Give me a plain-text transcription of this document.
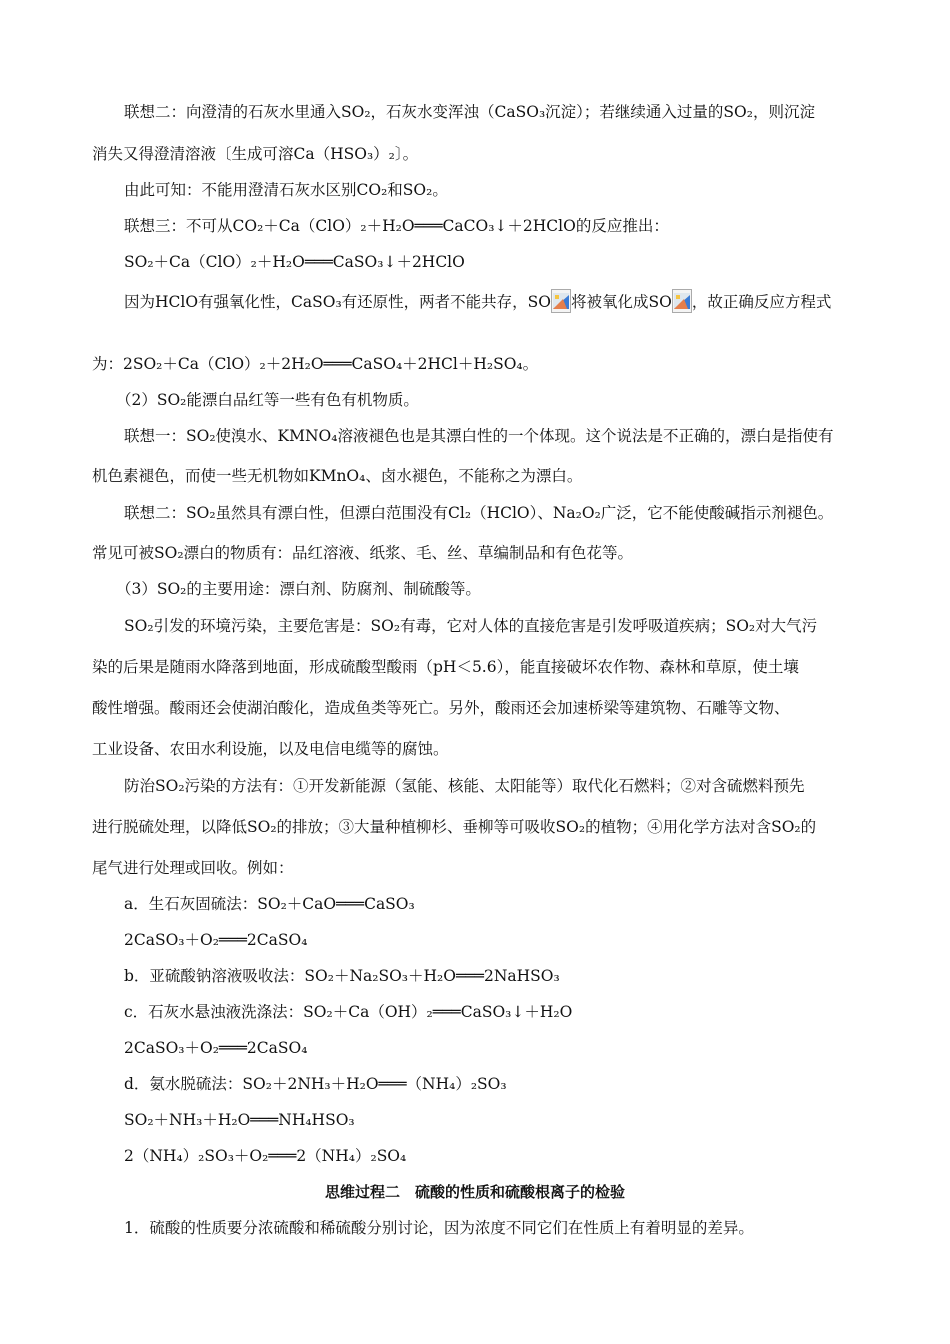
联想二：向澄清的石灰水里通入SO₂，石灰水变浑浊（CaSO₃沉淀）；若继续通入过量的SO₂，则沉淀
消失又得澄清溶液〔生成可溶Ca（HSO₃）₂〕。
由此可知：不能用澄清石灰水区别CO₂和SO₂。
联想三：不可从CO₂＋Ca（ClO）₂＋H₂O═══CaCO₃↓＋2HClO的反应推出：
SO₂＋Ca（ClO）₂＋H₂O═══CaSO₃↓＋2HClO
因为HClO有强氧化性，CaSO₃有还原性，两者不能共存，SO 将被氧化成SO ，故正确反应方程式
为：2SO₂＋Ca（ClO）₂＋2H₂O═══CaSO₄＋2HCl＋H₂SO₄。
（2）SO₂能漂白品红等一些有色有机物质。
联想一：SO₂使溴水、KMNO₄溶液褪色也是其漂白性的一个体现。这个说法是不正确的，漂白是指使有
机色素褪色，而使一些无机物如KMnO₄、卤水褪色，不能称之为漂白。
联想二：SO₂虽然具有漂白性，但漂白范围没有Cl₂（HClO）、Na₂O₂广泛，它不能使酸碱指示剂褪色。
常见可被SO₂漂白的物质有：品红溶液、纸浆、毛、丝、草编制品和有色花等。
（3）SO₂的主要用途：漂白剂、防腐剂、制硫酸等。
SO₂引发的环境污染，主要危害是：SO₂有毒，它对人体的直接危害是引发呼吸道疾病；SO₂对大气污
染的后果是随雨水降落到地面，形成硫酸型酸雨（pH＜5.6），能直接破坏农作物、森林和草原，使土壤
酸性增强。酸雨还会使湖泊酸化，造成鱼类等死亡。另外，酸雨还会加速桥梁等建筑物、石雕等文物、
工业设备、农田水利设施，以及电信电缆等的腐蚀。
防治SO₂污染的方法有：①开发新能源（氢能、核能、太阳能等）取代化石燃料；②对含硫燃料预先
进行脱硫处理，以降低SO₂的排放；③大量种植柳杉、垂柳等可吸收SO₂的植物；④用化学方法对含SO₂的
尾气进行处理或回收。例如：
a．生石灰固硫法：SO₂＋CaO═══CaSO₃
2CaSO₃＋O₂═══2CaSO₄
b．亚硫酸钠溶液吸收法：SO₂＋Na₂SO₃＋H₂O═══2NaHSO₃
c．石灰水悬浊液洗涤法：SO₂＋Ca（OH）₂═══CaSO₃↓＋H₂O
2CaSO₃＋O₂═══2CaSO₄
d．氨水脱硫法：SO₂＋2NH₃＋H₂O═══（NH₄）₂SO₃
SO₂＋NH₃＋H₂O═══NH₄HSO₃
2（NH₄）₂SO₃＋O₂═══2（NH₄）₂SO₄
思维过程二　硫酸的性质和硫酸根离子的检验
1．硫酸的性质要分浓硫酸和稀硫酸分别讨论，因为浓度不同它们在性质上有着明显的差异。
